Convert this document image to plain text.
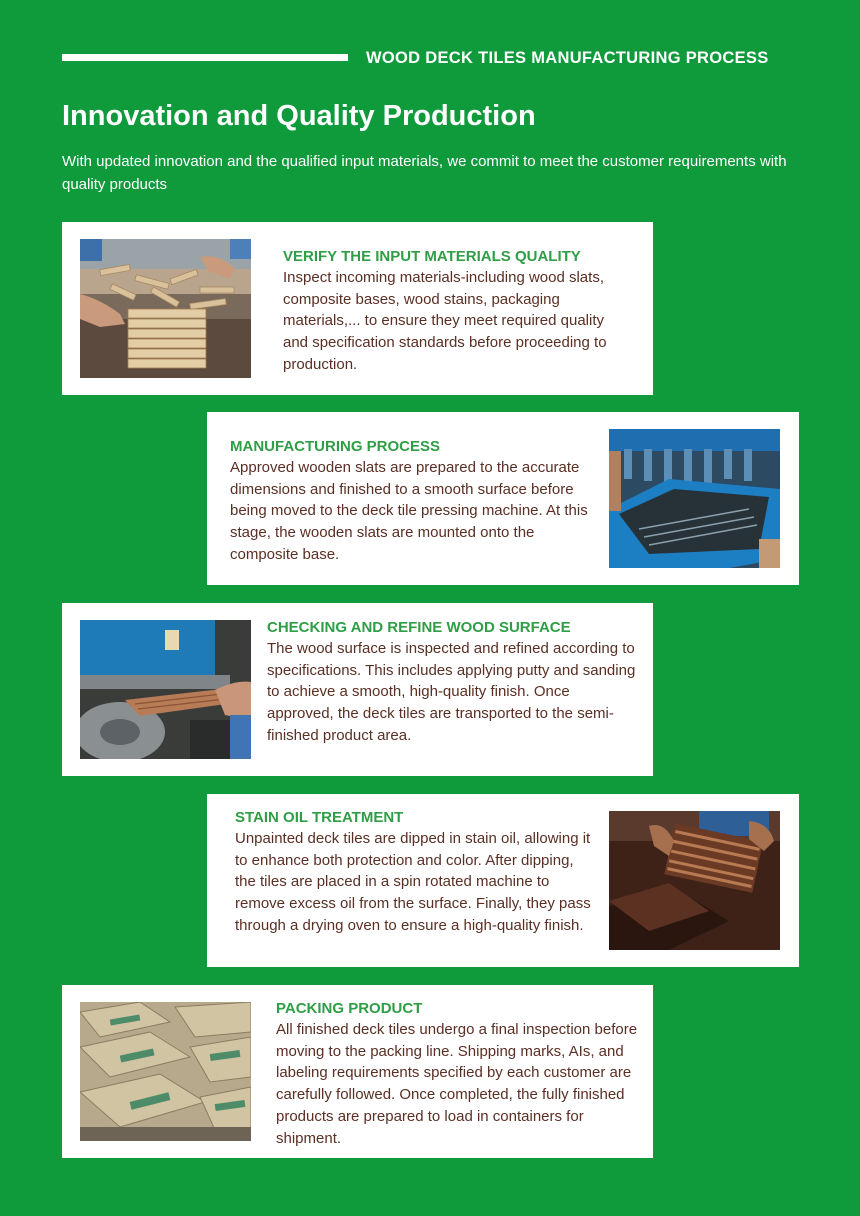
WOOD DECK TILES MANUFACTURING PROCESS
Innovation and Quality Production

With updated innovation and the qualified input materials, we commit to meet the customer requirements with quality products

VERIFY THE INPUT MATERIALS QUALITY

Inspect incoming materials-including wood slats, composite bases, wood stains, packaging materials,... to ensure they meet required quality and specification standards before proceeding to production.

MANUFACTURING PROCESS

Approved wooden slats are prepared to the accurate dimensions and finished to a smooth surface before being moved to the deck tile pressing machine. At this stage, the wooden slats are mounted onto the composite base.

CHECKING AND REFINE WOOD SURFACE

The wood surface is inspected and refined according to specifications. This includes applying putty and sanding to achieve a smooth, high-quality finish. Once approved, the deck tiles are transported to the semi-finished product area.

STAIN OIL TREATMENT

Unpainted deck tiles are dipped in stain oil, allowing it to enhance both protection and color. After dipping, the tiles are placed in a spin rotated machine to remove excess oil from the surface. Finally, they pass through a drying oven to ensure a high-quality finish.

PACKING PRODUCT

All finished deck tiles undergo a final inspection before moving to the packing line. Shipping marks, AIs, and labeling requirements specified by each customer are carefully followed. Once completed, the fully finished products are prepared to load in containers for shipment.
